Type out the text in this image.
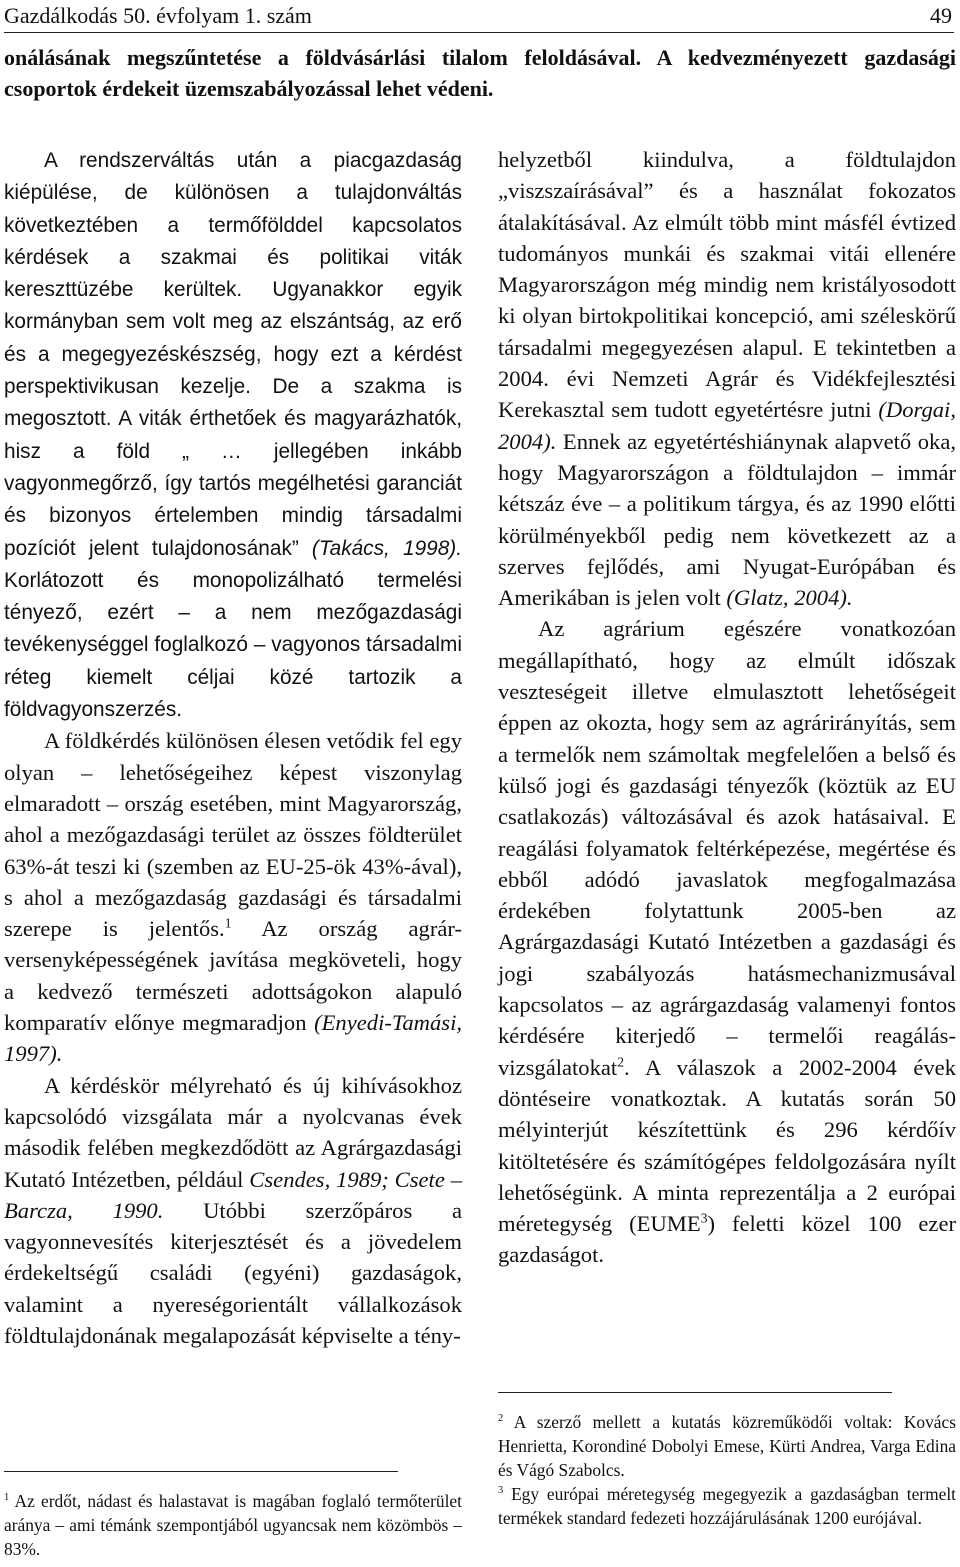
Gazdálkodás 50. évfolyam 1. szám	49
onálásának megszűntetése a földvásárlási tilalom feloldásával. A kedvezményezett gazdasági csoportok érdekeit üzemszabályozással lehet védeni.

A rendszerváltás után a piacgazdaság kiépülése, de különösen a tulajdonváltás következtében a termőfölddel kapcsolatos kérdések a szakmai és politikai viták kereszttüzébe kerültek. Ugyanakkor egyik kormányban sem volt meg az elszántság, az erő és a megegyezéskészség, hogy ezt a kérdést perspektivikusan kezelje. De a szakma is megosztott. A viták érthetőek és magyarázhatók, hisz a föld „ … jellegében inkább vagyonmegőrző, így tartós megélhetési garanciát és bizonyos értelemben mindig társadalmi pozíciót jelent tulajdonosának” (Takács, 1998). Korlátozott és monopolizálható termelési tényező, ezért – a nem mezőgazdasági tevékenységgel foglalkozó – vagyonos társadalmi réteg kiemelt céljai közé tartozik a földvagyonszerzés.

A földkérdés különösen élesen vetődik fel egy olyan – lehetőségeihez képest viszonylag elmaradott – ország esetében, mint Magyarország, ahol a mezőgazdasági terület az összes földterület 63%-át teszi ki (szemben az EU-25-ök 43%-ával), s ahol a mezőgazdaság gazdasági és társadalmi szerepe is jelentős.$^1$ Az ország agrár-versenyképességének javítása megköveteli, hogy a kedvező természeti adottságokon alapuló komparatív előnye megmaradjon (Enyedi-Tamási, 1997).

A kérdéskör mélyreható és új kihívásokhoz kapcsolódó vizsgálata már a nyolcvanas évek második felében megkezdődött az Agrárgazdasági Kutató Intézetben, például Csendes, 1989; Csete – Barcza, 1990. Utóbbi szerzőpáros a vagyonnevesítés kiterjesztését és a jövedelem érdekeltségű családi (egyéni) gazdaságok, valamint a nyereségorientált vállalkozások földtulajdonának megalapozását képviselte a tény-

helyzetből kiindulva, a földtulajdon „viszszaírásával” és a használat fokozatos átalakításával. Az elmúlt több mint másfél évtized tudományos munkái és szakmai vitái ellenére Magyarországon még mindig nem kristályosodott ki olyan birtokpolitikai koncepció, ami széleskörű társadalmi megegyezésen alapul. E tekintetben a 2004. évi Nemzeti Agrár és Vidékfejlesztési Kerekasztal sem tudott egyetértésre jutni (Dorgai, 2004). Ennek az egyetértéshiánynak alapvető oka, hogy Magyarországon a földtulajdon – immár kétszáz éve – a politikum tárgya, és az 1990 előtti körülményekből pedig nem következett az a szerves fejlődés, ami Nyugat-Európában és Amerikában is jelen volt (Glatz, 2004).

Az agrárium egészére vonatkozóan megállapítható, hogy az elmúlt időszak veszteségeit illetve elmulasztott lehetőségeit éppen az okozta, hogy sem az agrárirányítás, sem a termelők nem számoltak megfelelően a belső és külső jogi és gazdasági tényezők (köztük az EU csatlakozás) változásával és azok hatásaival. E reagálási folyamatok feltérképezése, megértése és ebből adódó javaslatok megfogalmazása érdekében folytattunk 2005-ben az Agrárgazdasági Kutató Intézetben a gazdasági és jogi szabályozás hatásmechanizmusával kapcsolatos – az agrárgazdaság valamenyi fontos kérdésére kiterjedő – termelői reagálás-vizsgálatokat$^2$. A válaszok a 2002-2004 évek döntéseire vonatkoztak. A kutatás során 50 mélyinterjút készítettünk és 296 kérdőív kitöltetésére és számítógépes feldolgozására nyílt lehetőségünk. A minta reprezentálja a 2 európai méretegység (EUME$^3$) feletti közel 100 ezer gazdaságot.

$^1$ Az erdőt, nádast és halastavat is magában foglaló termőterület aránya – ami témánk szempontjából ugyancsak nem közömbös – 83%.

$^2$ A szerző mellett a kutatás közreműködői voltak: Kovács Henrietta, Korondiné Dobolyi Emese, Kürti Andrea, Varga Edina és Vágó Szabolcs.

$^3$ Egy európai méretegység megegyezik a gazdaságban termelt termékek standard fedezeti hozzájárulásának 1200 eurójával.
